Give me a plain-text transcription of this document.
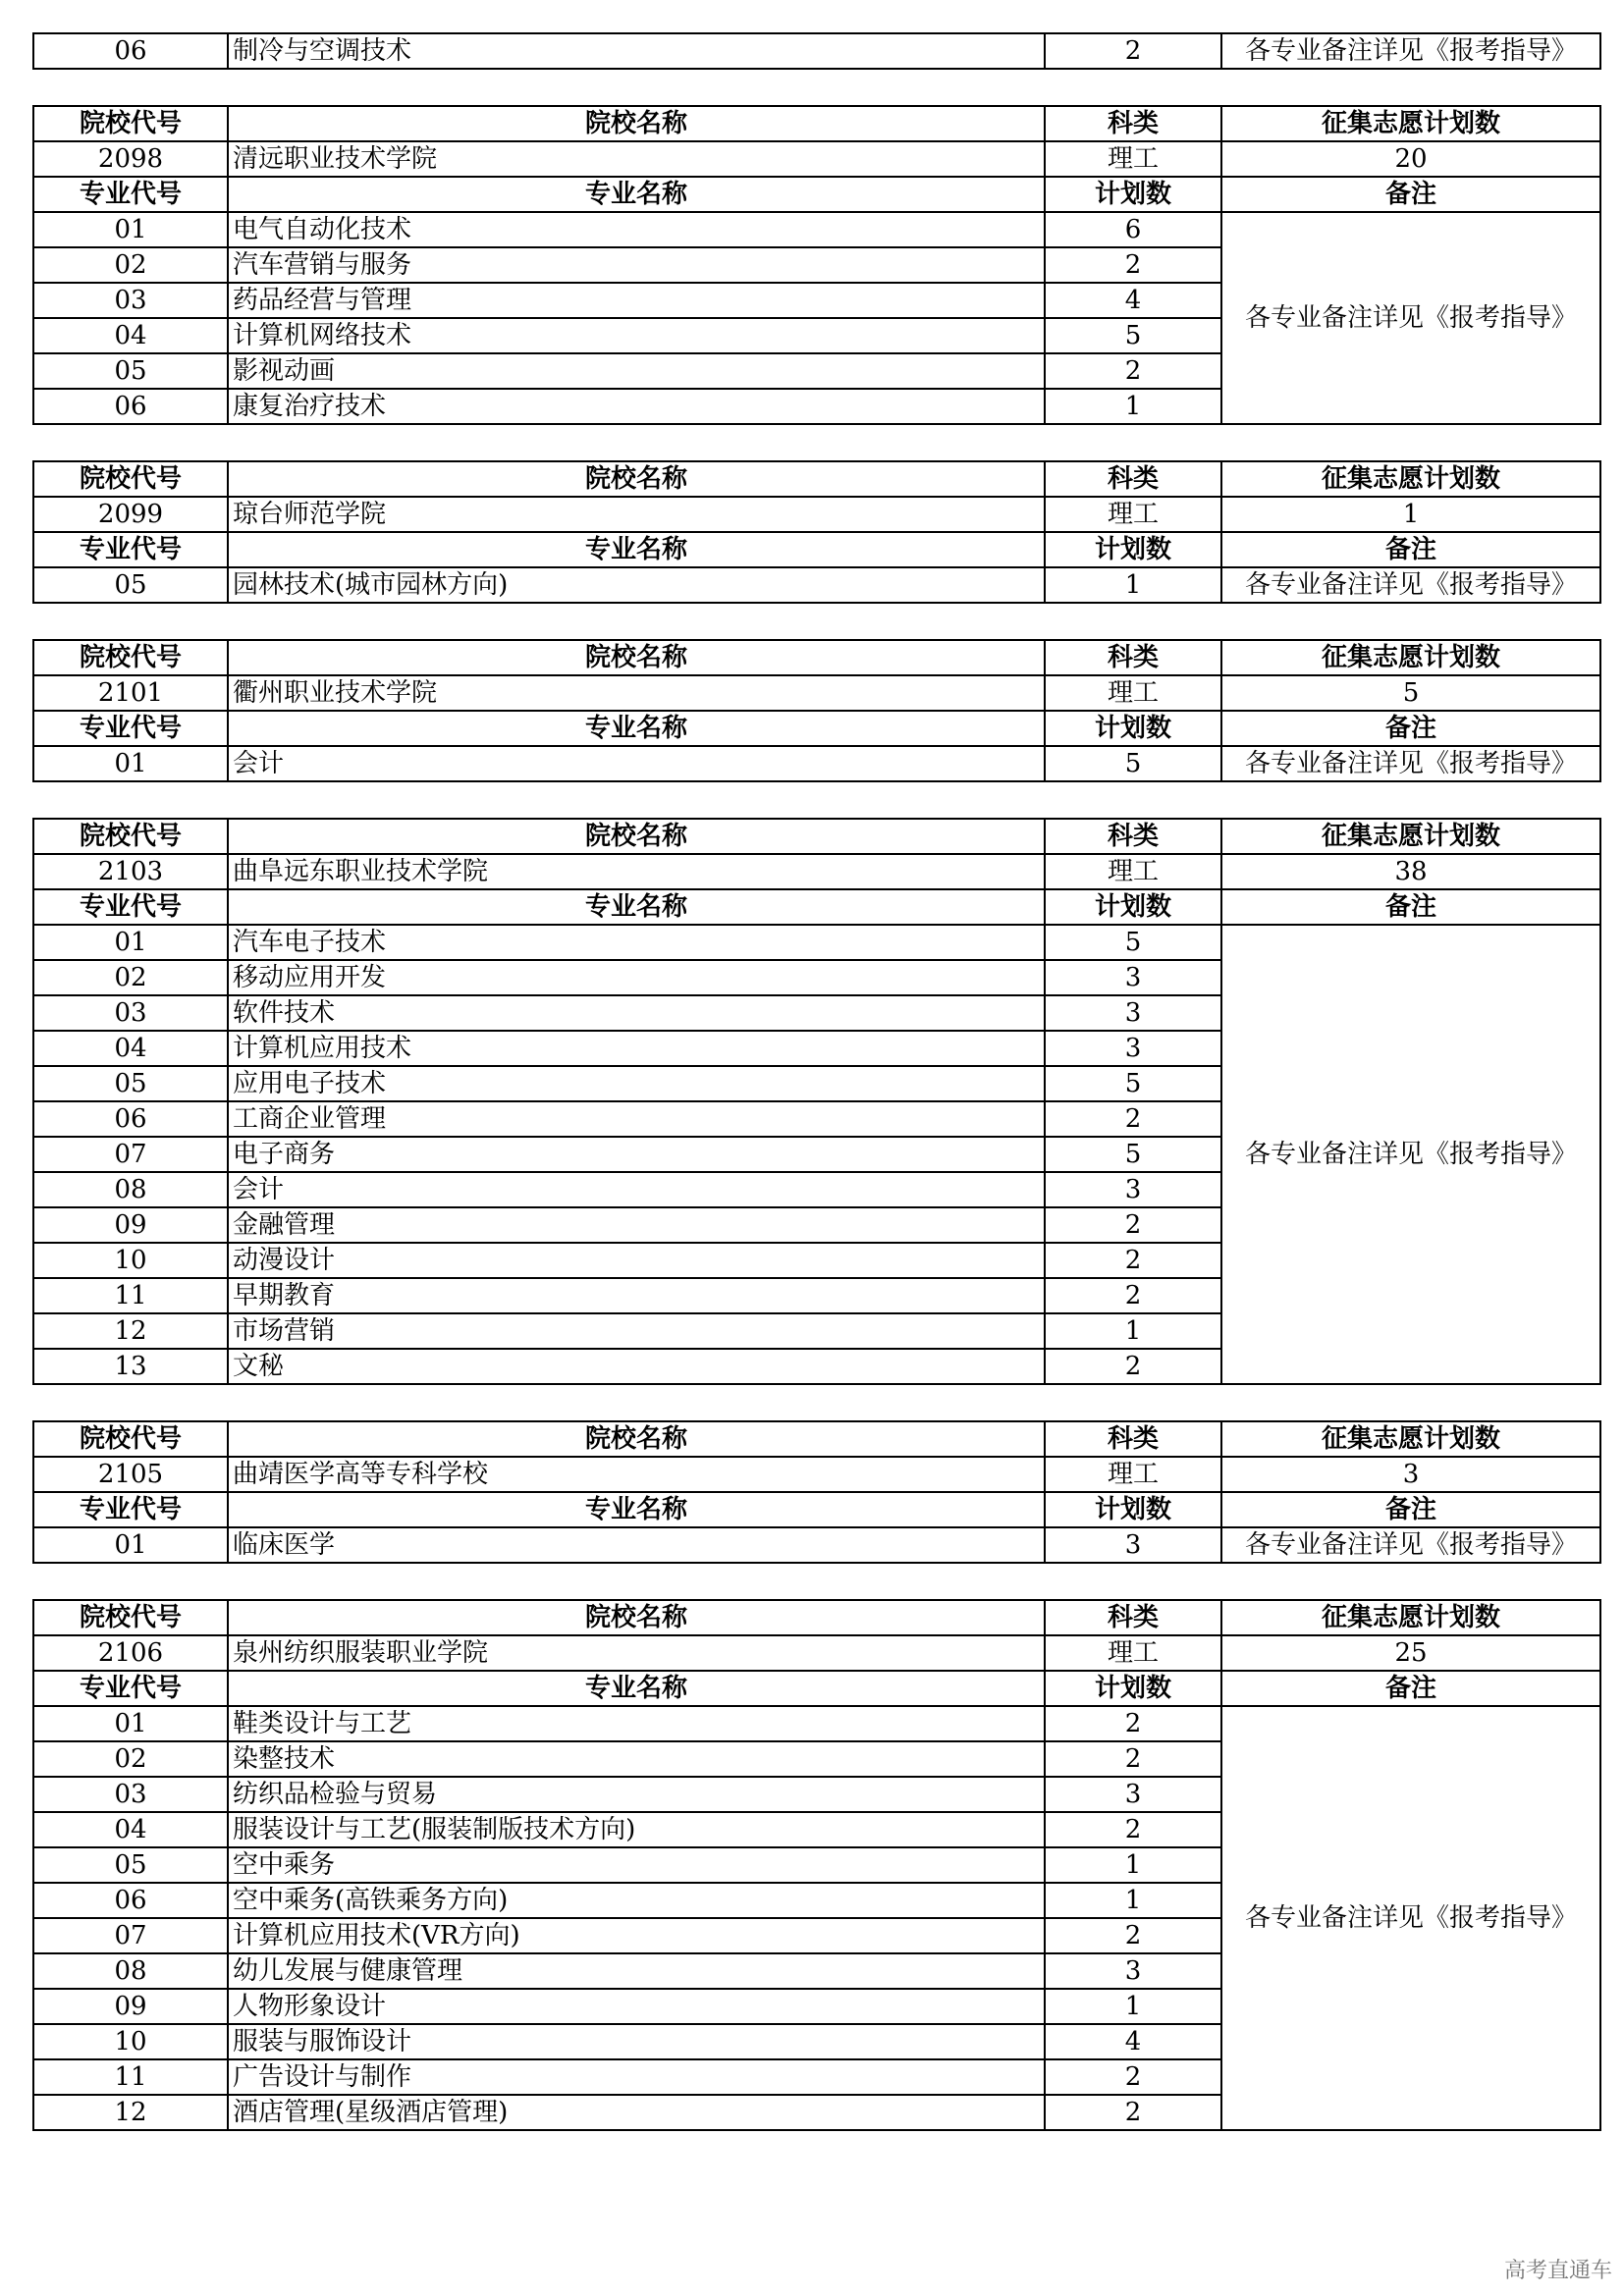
06	制冷与空调技术	2	各专业备注详见《报考指导》
院校代号	院校名称	科类	征集志愿计划数
2098	清远职业技术学院	理工	20
专业代号	专业名称	计划数	备注
01	电气自动化技术	6	各专业备注详见《报考指导》
02	汽车营销与服务	2	
03	药品经营与管理	4	
04	计算机网络技术	5	
05	影视动画	2	
06	康复治疗技术	1	
院校代号	院校名称	科类	征集志愿计划数
2099	琼台师范学院	理工	1
专业代号	专业名称	计划数	备注
05	园林技术(城市园林方向)	1	各专业备注详见《报考指导》
院校代号	院校名称	科类	征集志愿计划数
2101	衢州职业技术学院	理工	5
专业代号	专业名称	计划数	备注
01	会计	5	各专业备注详见《报考指导》
院校代号	院校名称	科类	征集志愿计划数
2103	曲阜远东职业技术学院	理工	38
专业代号	专业名称	计划数	备注
01	汽车电子技术	5	各专业备注详见《报考指导》
02	移动应用开发	3	
03	软件技术	3	
04	计算机应用技术	3	
05	应用电子技术	5	
06	工商企业管理	2	
07	电子商务	5	
08	会计	3	
09	金融管理	2	
10	动漫设计	2	
11	早期教育	2	
12	市场营销	1	
13	文秘	2	
院校代号	院校名称	科类	征集志愿计划数
2105	曲靖医学高等专科学校	理工	3
专业代号	专业名称	计划数	备注
01	临床医学	3	各专业备注详见《报考指导》
院校代号	院校名称	科类	征集志愿计划数
2106	泉州纺织服装职业学院	理工	25
专业代号	专业名称	计划数	备注
01	鞋类设计与工艺	2	各专业备注详见《报考指导》
02	染整技术	2	
03	纺织品检验与贸易	3	
04	服装设计与工艺(服装制版技术方向)	2	
05	空中乘务	1	
06	空中乘务(高铁乘务方向)	1	
07	计算机应用技术(VR方向)	2	
08	幼儿发展与健康管理	3	
09	人物形象设计	1	
10	服装与服饰设计	4	
11	广告设计与制作	2	
12	酒店管理(星级酒店管理)	2	
高考直通车
